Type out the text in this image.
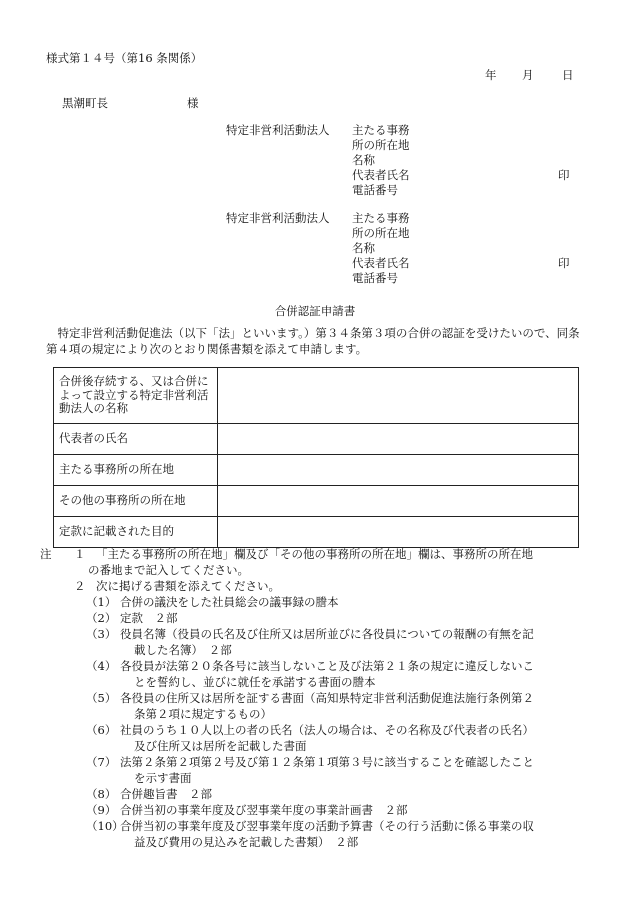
様式第１４号（第16 条関係）
年 月 日
黒潮町長	様
特定非営利活動法人 主たる事務
所の所在地
名称
代表者氏名	印
電話番号
特定非営利活動法人 主たる事務
所の所在地
名称
代表者氏名	印
電話番号
合併認証申請書
　特定非営利活動促進法（以下「法」といいます。）第３４条第３項の合併の認証を受けたいので、同条第４項の規定により次のとおり関係書類を添えて申請します。
合併後存続する、又は合併によって設立する特定非営利活動法人の名称	
代表者の氏名	
主たる事務所の所在地	
その他の事務所の所在地	
定款に記載された目的	
注 １ 「主たる事務所の所在地」欄及び「その他の事務所の所在地」欄は、事務所の所在地
の番地まで記入してください。
２ 次に掲げる書類を添えてください。
（1） 合併の議決をした社員総会の議事録の謄本
（2） 定款　２部
（3） 役員名簿（役員の氏名及び住所又は居所並びに各役員についての報酬の有無を記
載した名簿）　２部
（4） 各役員が法第２０条各号に該当しないこと及び法第２１条の規定に違反しないこ
とを誓約し、並びに就任を承諾する書面の謄本
（5） 各役員の住所又は居所を証する書面（高知県特定非営利活動促進法施行条例第２
条第２項に規定するもの）
（6） 社員のうち１０人以上の者の氏名（法人の場合は、その名称及び代表者の氏名）
及び住所又は居所を記載した書面
（7） 法第２条第２項第２号及び第１２条第１項第３号に該当することを確認したこと
を示す書面
（8） 合併趣旨書　２部
（9） 合併当初の事業年度及び翌事業年度の事業計画書　２部
（10）
合併当初の事業年度及び翌事業年度の活動予算書（その行う活動に係る事業の収
益及び費用の見込みを記載した書類）　２部
